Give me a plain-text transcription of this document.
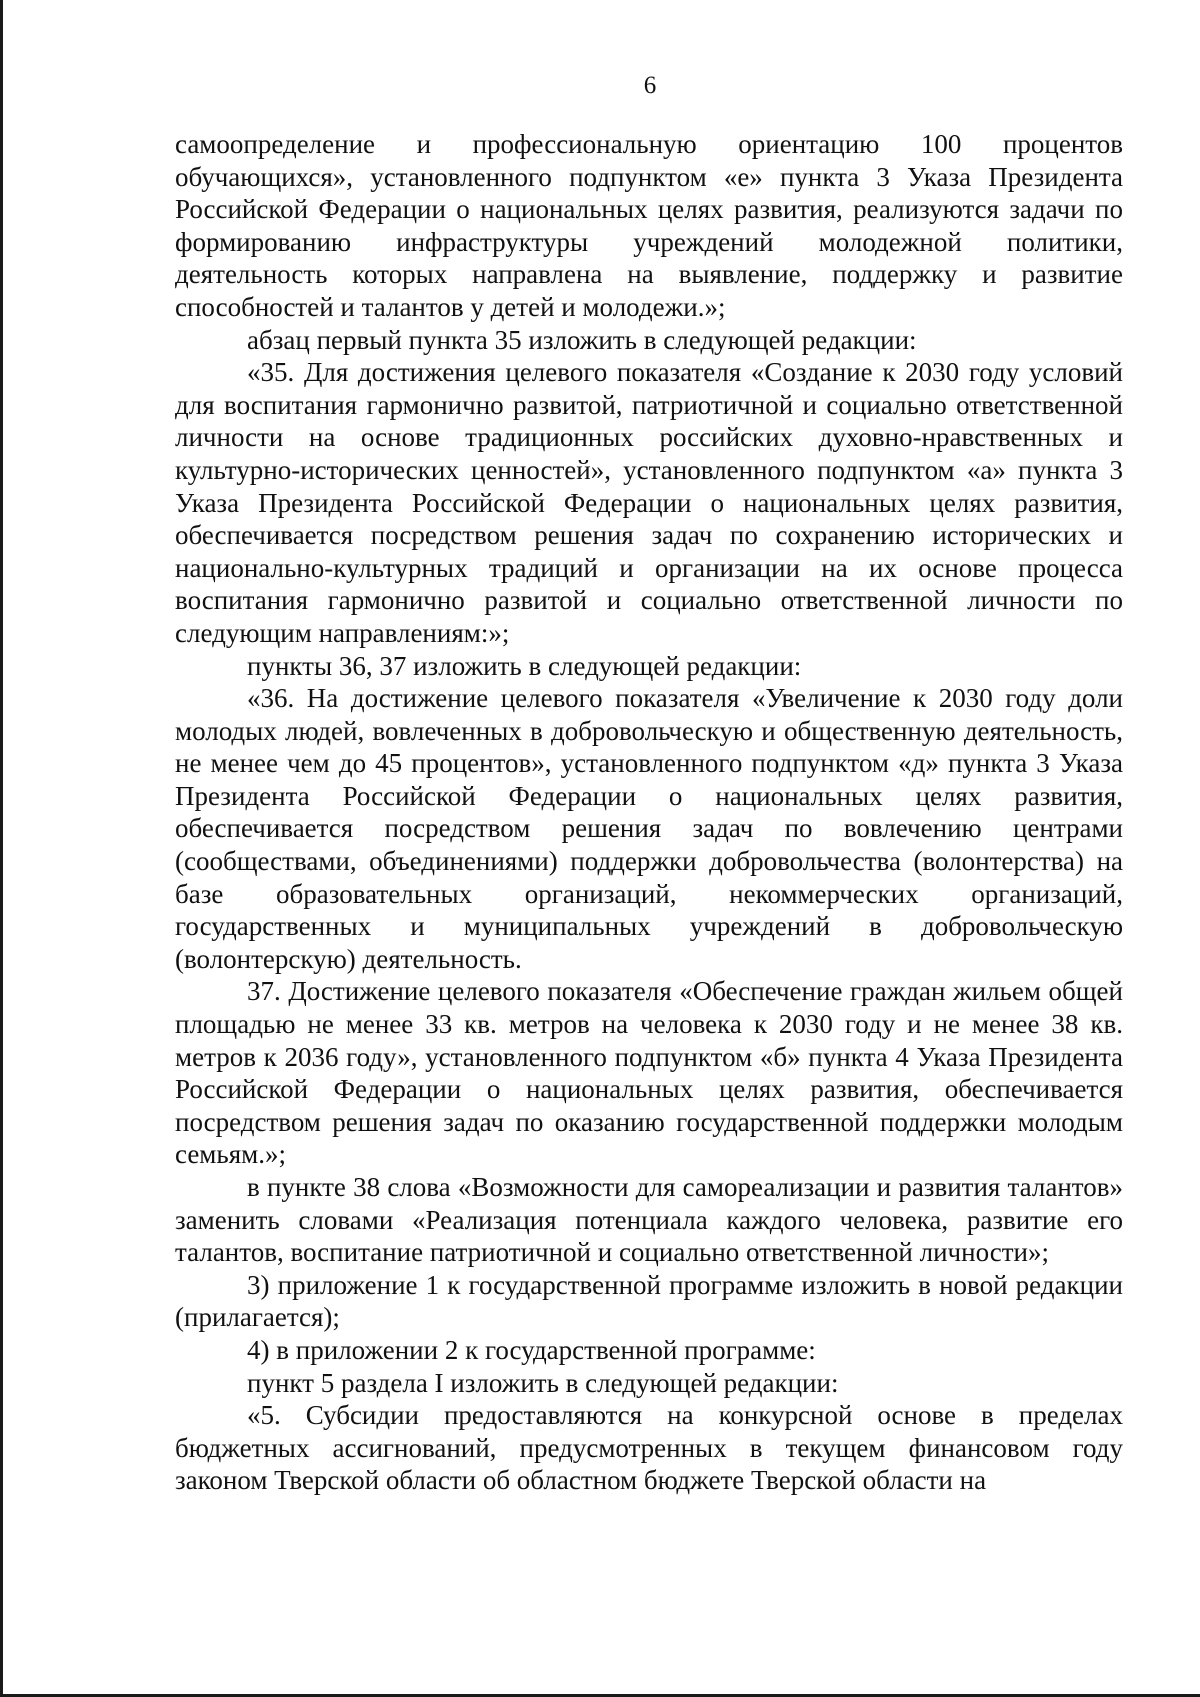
6

самоопределение и профессиональную ориентацию 100 процентов обучающихся», установленного подпунктом «е» пункта 3 Указа Президента Российской Федерации о национальных целях развития, реализуются задачи по формированию инфраструктуры учреждений молодежной политики, деятельность которых направлена на выявление, поддержку и развитие способностей и талантов у детей и молодежи.»;

абзац первый пункта 35 изложить в следующей редакции:

«35. Для достижения целевого показателя «Создание к 2030 году условий для воспитания гармонично развитой, патриотичной и социально ответственной личности на основе традиционных российских духовно-нравственных и культурно-исторических ценностей», установленного подпунктом «а» пункта 3 Указа Президента Российской Федерации о национальных целях развития, обеспечивается посредством решения задач по сохранению исторических и национально-культурных традиций и организации на их основе процесса воспитания гармонично развитой и социально ответственной личности по следующим направлениям:»;

пункты 36, 37 изложить в следующей редакции:

«36. На достижение целевого показателя «Увеличение к 2030 году доли молодых людей, вовлеченных в добровольческую и общественную деятельность, не менее чем до 45 процентов», установленного подпунктом «д» пункта 3 Указа Президента Российской Федерации о национальных целях развития, обеспечивается посредством решения задач по вовлечению центрами (сообществами, объединениями) поддержки добровольчества (волонтерства) на базе образовательных организаций, некоммерческих организаций, государственных и муниципальных учреждений в добровольческую (волонтерскую) деятельность.

37. Достижение целевого показателя «Обеспечение граждан жильем общей площадью не менее 33 кв. метров на человека к 2030 году и не менее 38 кв. метров к 2036 году», установленного подпунктом «б» пункта 4 Указа Президента Российской Федерации о национальных целях развития, обеспечивается посредством решения задач по оказанию государственной поддержки молодым семьям.»;

в пункте 38 слова «Возможности для самореализации и развития талантов» заменить словами «Реализация потенциала каждого человека, развитие его талантов, воспитание патриотичной и социально ответственной личности»;

3) приложение 1 к государственной программе изложить в новой редакции (прилагается);

4) в приложении 2 к государственной программе:

пункт 5 раздела I изложить в следующей редакции:

«5. Субсидии предоставляются на конкурсной основе в пределах бюджетных ассигнований, предусмотренных в текущем финансовом году законом Тверской области об областном бюджете Тверской области на
